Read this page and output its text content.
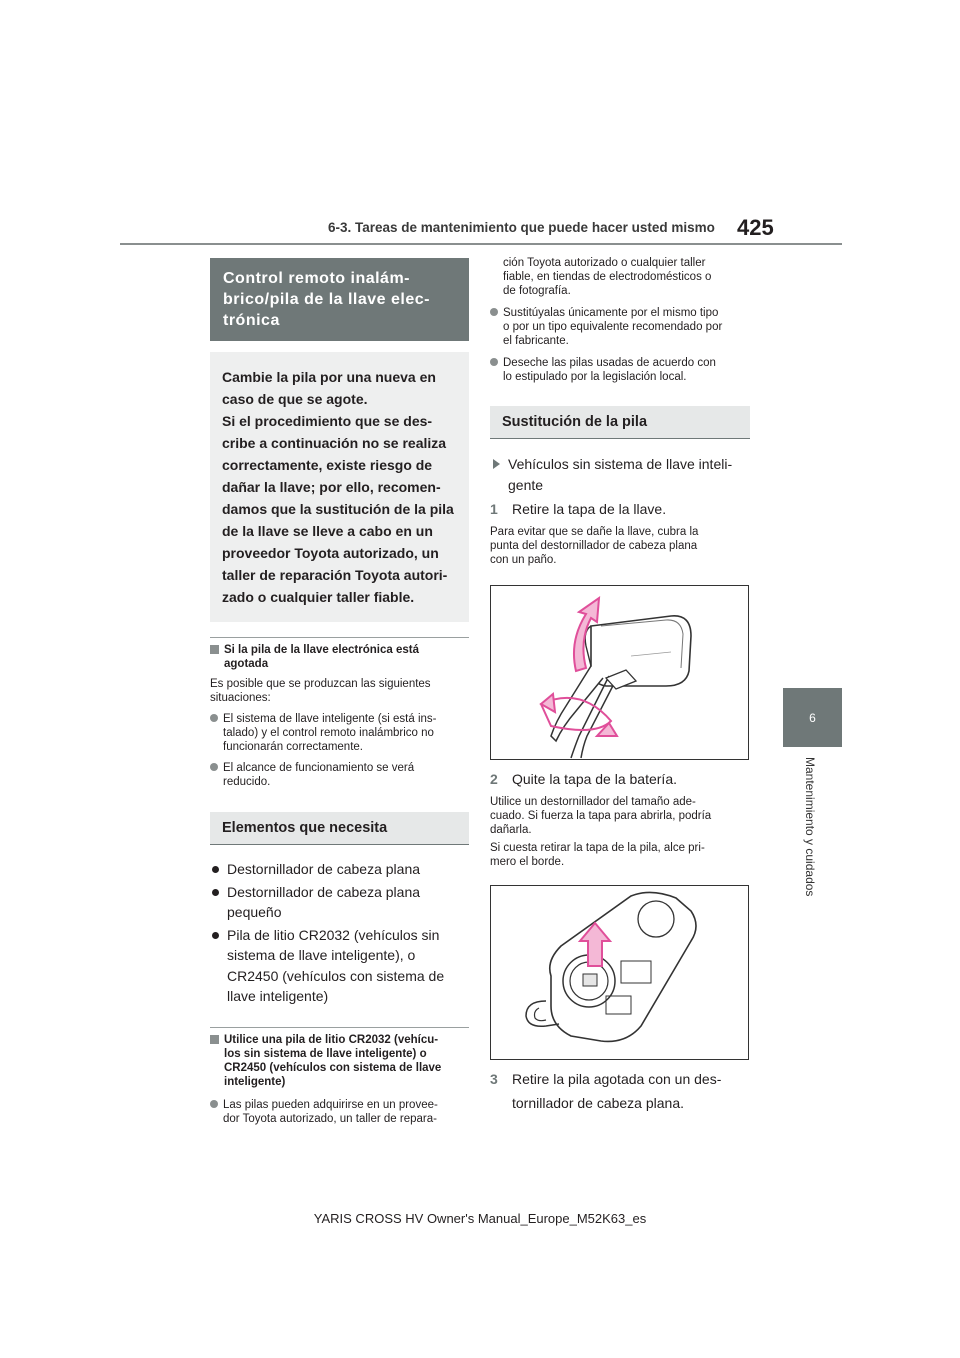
6-3. Tareas de mantenimiento que puede hacer usted mismo 425
6
Mantenimiento y cuidados
Control remoto inalám-
brico/pila de la llave elec-
trónica
Cambie la pila por una nueva en
caso de que se agote.
Si el procedimiento que se des-
cribe a continuación no se realiza
correctamente, existe riesgo de
dañar la llave; por ello, recomen-
damos que la sustitución de la pila
de la llave se lleve a cabo en un
proveedor Toyota autorizado, un
taller de reparación Toyota autori-
zado o cualquier taller fiable.
Si la pila de la llave electrónica está
agotada
Es posible que se produzcan las siguientes
situaciones:
El sistema de llave inteligente (si está ins-
talado) y el control remoto inalámbrico no
funcionarán correctamente.
El alcance de funcionamiento se verá
reducido.
Elementos que necesita
Destornillador de cabeza plana
Destornillador de cabeza plana
pequeño
Pila de litio CR2032 (vehículos sin
sistema de llave inteligente), o
CR2450 (vehículos con sistema de
llave inteligente)
Utilice una pila de litio CR2032 (vehícu-
los sin sistema de llave inteligente) o
CR2450 (vehículos con sistema de llave
inteligente)
Las pilas pueden adquirirse en un provee-
dor Toyota autorizado, un taller de repara-
ción Toyota autorizado o cualquier taller
fiable, en tiendas de electrodomésticos o
de fotografía.
Sustitúyalas únicamente por el mismo tipo
o por un tipo equivalente recomendado por
el fabricante.
Deseche las pilas usadas de acuerdo con
lo estipulado por la legislación local.
Sustitución de la pila
Vehículos sin sistema de llave inteli-
gente
1 Retire la tapa de la llave.
Para evitar que se dañe la llave, cubra la
punta del destornillador de cabeza plana
con un paño.
2 Quite la tapa de la batería.
Utilice un destornillador del tamaño ade-
cuado. Si fuerza la tapa para abrirla, podría
dañarla.
Si cuesta retirar la tapa de la pila, alce pri-
mero el borde.
3 Retire la pila agotada con un des-
tornillador de cabeza plana.
YARIS CROSS HV Owner's Manual_Europe_M52K63_es
